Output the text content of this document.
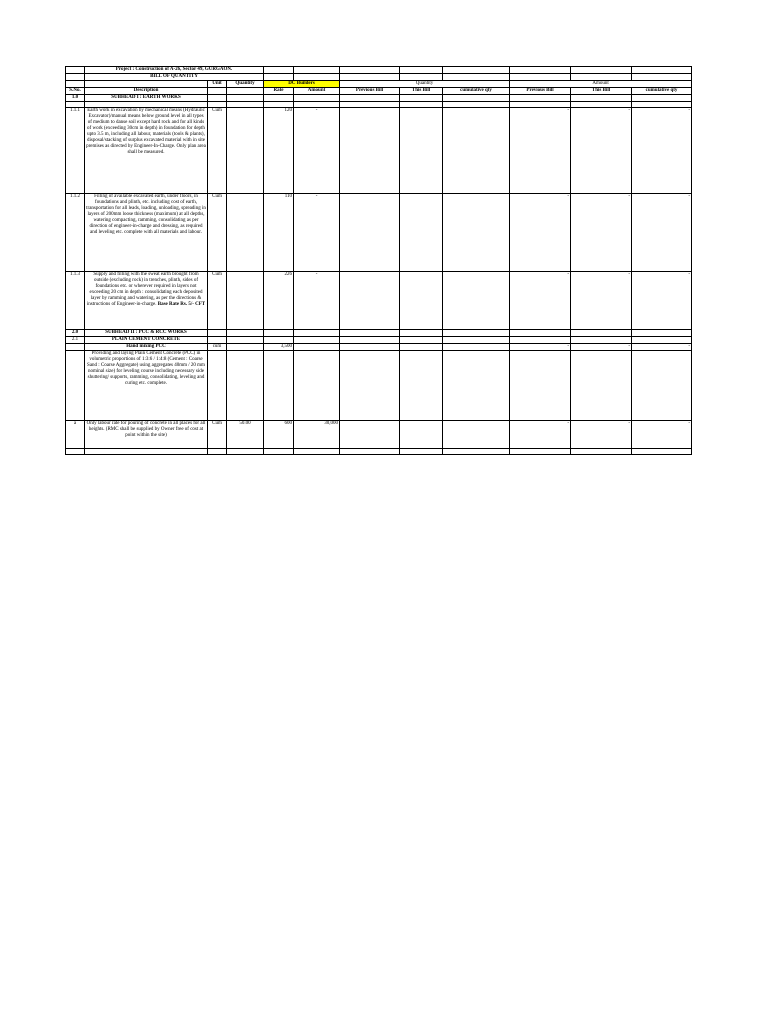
	Project : Construction of A-26, Sector 49, GURGAON.										
	BILL OF QUANTITY										
		Unit	Quantity	DC Builders		Quantity			Amount		
S.No.	Description			Rate	Amount	Previous Bill	This Bill	cumulative qty	Previous Bill	This Bill	cumulative qty
1.0	SUBHEAD I : EARTH WORKS										

1.1.1	Earth work in excavation by mechanical means (Hydraulic Excavator)/manual means below ground level in all types of medium to danse soil except hard rock and for all kinds of work (exceeding 30cm in depth) in foundation for depth upto 3.5 m, including all labour, materials (tools & plants), disposal/stacking of surplus excavated material with in site premises as directed by Engineer-In-Charge. Only plan area shall be measured.	Cum		120	-				-	-	-
1.1.2	Filling of available excavated earth, under floors, in foundations and plinth, etc. including cost of earth, transportation for all leads, loading, unloading, spreading in layers of 200mm loose thickness (maximum) at all depths, watering compacting, ramming, consolidating as per direction of engineer-in-charge and dressing, as required and leveling etc. complete with all materials and labour.	Cum		110	-				-	-	-
1.1.3	Supply and filling with the sweat earth brought from outside (excluding rock) in trenches, plinth, sides of foundations etc. or wherever required in layers not exceeding 20 cm in depth : consolidating each deposited layer by ramming and watering, as per the directions & instructions of Engineer-in-charge. Base Rate Rs. 5/- CFT	Cum		226	-				-	-	-
2.0	SUBHEAD II : PCC & RCC WORKS										
2.1	PLAIN CEMENT CONCRETE										
	Hand mixing PCC	cum		3,500					-	-	-
	Providing and laying Plain Cement Concrete (PCC) in volumetric proportions of 1:3:6 / 1:4:8 (Cement : Coarse Sand : Coarse Aggregate) using aggregates 40mm / 20 mm nominal size) for leveling course including necessary side shuttering/ supports, ramming, consolidating, leveling and curing etc. complete.										
a	Only labour rate for pouring of concrete in all places for all heights. (RMC shall be supplied by Owner free of cost at point within the site)	Cum	50.00	600	30,000				-	-	-
